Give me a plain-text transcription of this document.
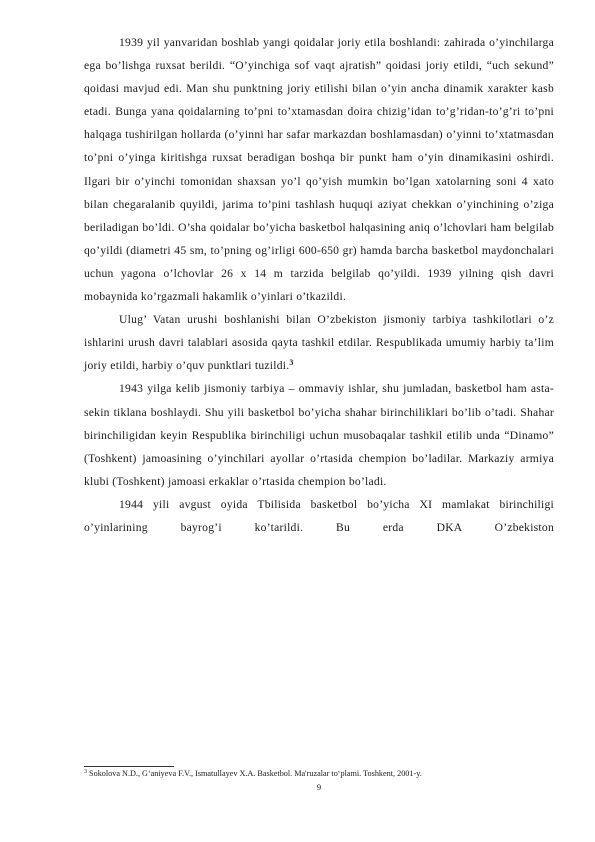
1939 yil yanvaridan boshlab yangi qoidalar joriy etila boshlandi: zahirada o’yinchilarga ega bo’lishga ruxsat berildi. “O’yinchiga sof vaqt ajratish” qoidasi joriy etildi, “uch sekund” qoidasi mavjud edi. Man shu punktning joriy etilishi bilan o’yin ancha dinamik xarakter kasb etadi. Bunga yana qoidalarning to’pni to’xtamasdan doira chizig’idan to’g’ridan-to’g’ri to’pni halqaga tushirilgan hollarda (o’yinni har safar markazdan boshlamasdan) o’yinni to’xtatmasdan to’pni o’yinga kiritishga ruxsat beradigan boshqa bir punkt ham o’yin dinamikasini oshirdi. Ilgari bir o’yinchi tomonidan shaxsan yo’l qo’yish mumkin bo’lgan xatolarning soni 4 xato bilan chegaralanib quyildi, jarima to’pini tashlash huquqi aziyat chekkan o’yinchining o’ziga beriladigan bo’ldi. O’sha qoidalar bo’yicha basketbol halqasining aniq o’lchovlari ham belgilab qo’yildi (diametri 45 sm, to’pning og’irligi 600-650 gr) hamda barcha basketbol maydonchalari uchun yagona o’lchovlar 26 x 14 m tarzida belgilab qo’yildi. 1939 yilning qish davri mobaynida ko’rgazmali hakamlik o’yinlari o’tkazildi.

Ulug’ Vatan urushi boshlanishi bilan O’zbekiston jismoniy tarbiya tashkilotlari o’z ishlarini urush davri talablari asosida qayta tashkil etdilar. Respublikada umumiy harbiy ta’lim joriy etildi, harbiy o’quv punktlari tuzildi.$^3$

1943 yilga kelib jismoniy tarbiya – ommaviy ishlar, shu jumladan, basketbol ham asta-sekin tiklana boshlaydi. Shu yili basketbol bo’yicha shahar birinchiliklari bo’lib o’tadi. Shahar birinchiligidan keyin Respublika birinchiligi uchun musobaqalar tashkil etilib unda “Dinamo” (Toshkent) jamoasining o’yinchilari ayollar o’rtasida chempion bo’ladilar. Markaziy armiya klubi (Toshkent) jamoasi erkaklar o’rtasida chempion bo’ladi.

1944 yili avgust oyida Tbilisida basketbol bo’yicha XI mamlakat birinchiligi o’yinlarining bayrog’i ko’tarildi. Bu erda DKA O’zbekiston

$^3$ Sokolova N.D., G‘aniyeva F.V., Ismatullayev X.A. Basketbol. Ma'ruzalar to‘plami. Toshkent, 2001-y.
9
